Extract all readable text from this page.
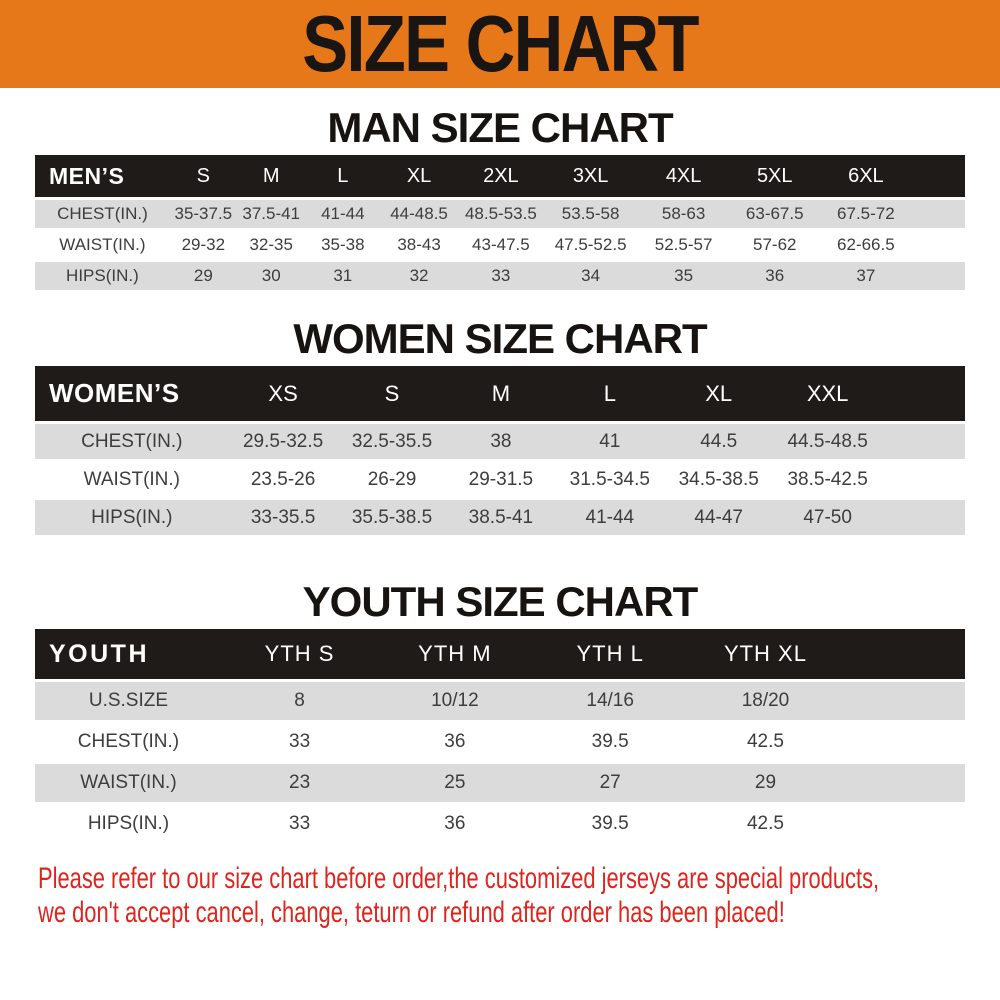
SIZE CHART
MAN SIZE CHART
MEN’S	S	M	L	XL	2XL	3XL	4XL	5XL	6XL	
CHEST(IN.)	35-37.5	37.5-41	41-44	44-48.5	48.5-53.5	53.5-58	58-63	63-67.5	67.5-72	
WAIST(IN.)	29-32	32-35	35-38	38-43	43-47.5	47.5-52.5	52.5-57	57-62	62-66.5	
HIPS(IN.)	29	30	31	32	33	34	35	36	37	
WOMEN SIZE CHART
WOMEN’S	XS	S	M	L	XL	XXL	
CHEST(IN.)	29.5-32.5	32.5-35.5	38	41	44.5	44.5-48.5	
WAIST(IN.)	23.5-26	26-29	29-31.5	31.5-34.5	34.5-38.5	38.5-42.5	
HIPS(IN.)	33-35.5	35.5-38.5	38.5-41	41-44	44-47	47-50	
YOUTH SIZE CHART
YOUTH	YTH S	YTH M	YTH L	YTH XL	
U.S.SIZE	8	10/12	14/16	18/20	
CHEST(IN.)	33	36	39.5	42.5	
WAIST(IN.)	23	25	27	29	
HIPS(IN.)	33	36	39.5	42.5	

Please refer to our size chart before order,the customized jerseys are special products,

we don't accept cancel, change, teturn or refund after order has been placed!
